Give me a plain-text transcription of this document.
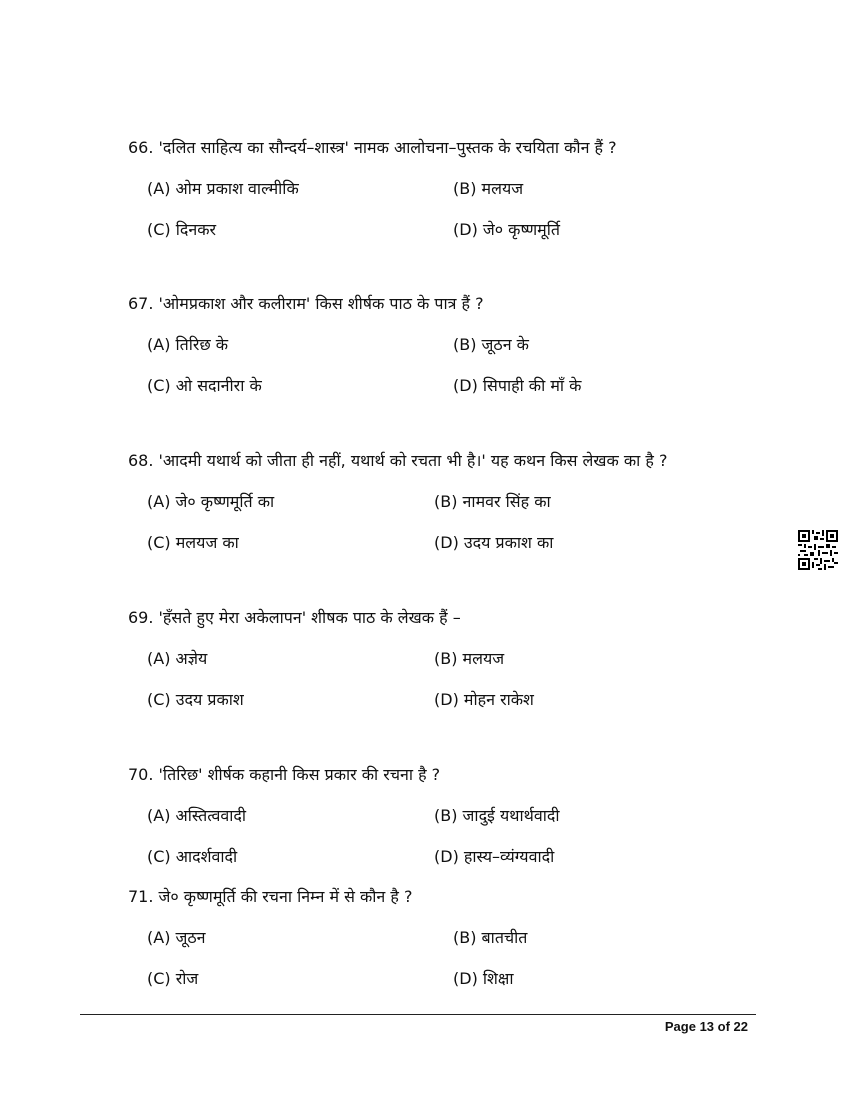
66. 'दलित साहित्य का सौन्दर्य–शास्त्र' नामक आलोचना–पुस्तक के रचयिता कौन हैं ?
(A) ओम प्रकाश वाल्मीकि	(B) मलयज
(C) दिनकर	(D) जे० कृष्णमूर्ति
67. 'ओमप्रकाश और कलीराम' किस शीर्षक पाठ के पात्र हैं ?
(A) तिरिछ के	(B) जूठन के
(C) ओ सदानीरा के	(D) सिपाही की माँ के
68. 'आदमी यथार्थ को जीता ही नहीं, यथार्थ को रचता भी है।' यह कथन किस लेखक का है ?
(A) जे० कृष्णमूर्ति का	(B) नामवर सिंह का
(C) मलयज का	(D) उदय प्रकाश का
69. 'हँसते हुए मेरा अकेलापन' शीषक पाठ के लेखक हैं –
(A) अज्ञेय	(B) मलयज
(C) उदय प्रकाश	(D) मोहन राकेश
70. 'तिरिछ' शीर्षक कहानी किस प्रकार की रचना है ?
(A) अस्तित्ववादी	(B) जादुई यथार्थवादी
(C) आदर्शवादी	(D) हास्य–व्यंग्यवादी
71. जे० कृष्णमूर्ति की रचना निम्न में से कौन है ?
(A) जूठन	(B) बातचीत
(C) रोज	(D) शिक्षा
Page 13 of 22
